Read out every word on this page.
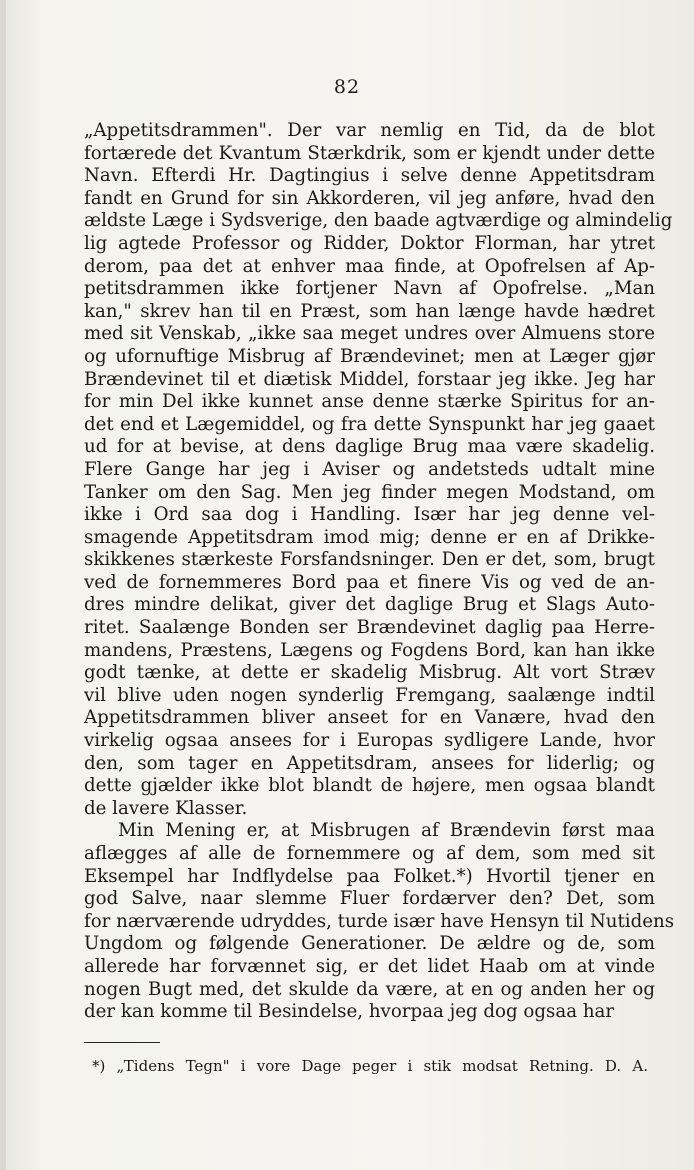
82
„Appetitsdrammen". Der var nemlig en Tid, da de blot
fortærede det Kvantum Stærkdrik, som er kjendt under dette
Navn. Efterdi Hr. Dagtingius i selve denne Appetitsdram
fandt en Grund for sin Akkorderen, vil jeg anføre, hvad den
ældste Læge i Sydsverige, den baade agtværdige og almindelig
lig agtede Professor og Ridder, Doktor Florman, har ytret
derom, paa det at enhver maa finde, at Opofrelsen af Ap-
petitsdrammen ikke fortjener Navn af Opofrelse. „Man
kan," skrev han til en Præst, som han længe havde hædret
med sit Venskab, „ikke saa meget undres over Almuens store
og ufornuftige Misbrug af Brændevinet; men at Læger gjør
Brændevinet til et diætisk Middel, forstaar jeg ikke. Jeg har
for min Del ikke kunnet anse denne stærke Spiritus for an-
det end et Lægemiddel, og fra dette Synspunkt har jeg gaaet
ud for at bevise, at dens daglige Brug maa være skadelig.
Flere Gange har jeg i Aviser og andetsteds udtalt mine
Tanker om den Sag. Men jeg finder megen Modstand, om
ikke i Ord saa dog i Handling. Især har jeg denne vel-
smagende Appetitsdram imod mig; denne er en af Drikke-
skikkenes stærkeste Forsfandsninger. Den er det, som, brugt
ved de fornemmeres Bord paa et finere Vis og ved de an-
dres mindre delikat, giver det daglige Brug et Slags Auto-
ritet. Saalænge Bonden ser Brændevinet daglig paa Herre-
mandens, Præstens, Lægens og Fogdens Bord, kan han ikke
godt tænke, at dette er skadelig Misbrug. Alt vort Stræv
vil blive uden nogen synderlig Fremgang, saalænge indtil
Appetitsdrammen bliver anseet for en Vanære, hvad den
virkelig ogsaa ansees for i Europas sydligere Lande, hvor
den, som tager en Appetitsdram, ansees for liderlig; og
dette gjælder ikke blot blandt de højere, men ogsaa blandt
de lavere Klasser.
Min Mening er, at Misbrugen af Brændevin først maa
aflægges af alle de fornemmere og af dem, som med sit
Eksempel har Indflydelse paa Folket.*) Hvortil tjener en
god Salve, naar slemme Fluer fordærver den? Det, som
for nærværende udryddes, turde især have Hensyn til Nutidens
Ungdom og følgende Generationer. De ældre og de, som
allerede har forvænnet sig, er det lidet Haab om at vinde
nogen Bugt med, det skulde da være, at en og anden her og
der kan komme til Besindelse, hvorpaa jeg dog ogsaa har
*) „Tidens Tegn" i vore Dage peger i stik modsat Retning. D. A.
